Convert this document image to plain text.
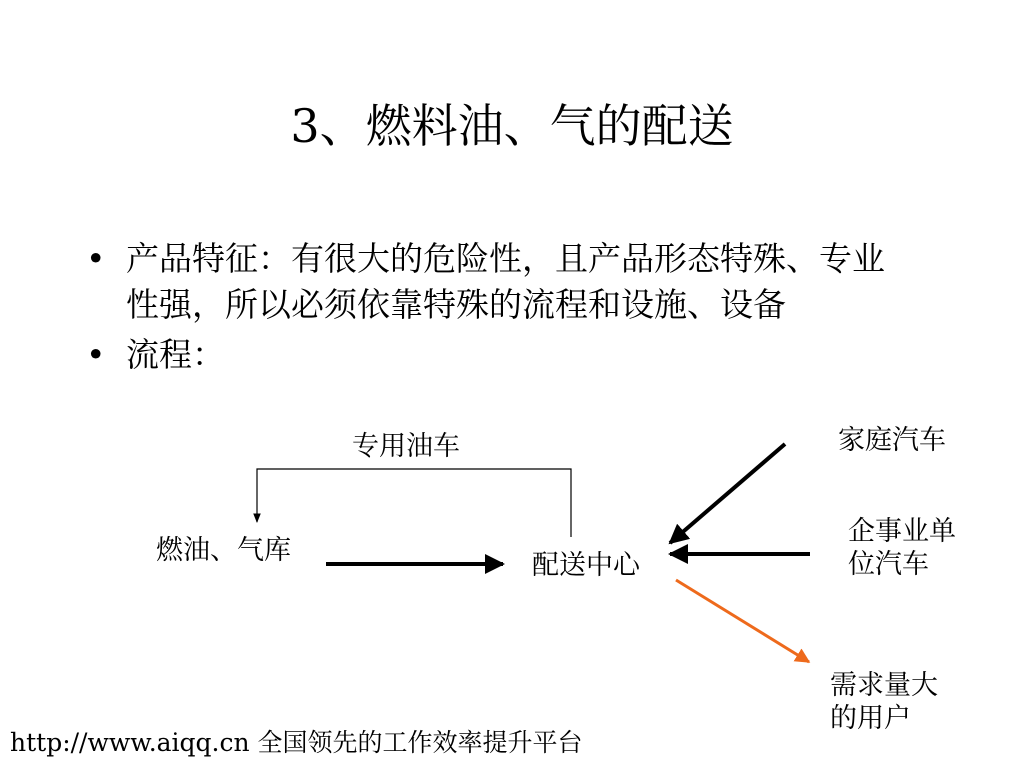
3、燃料油、气的配送
• 产品特征：有很大的危险性，且产品形态特殊、专业性强，所以必须依靠特殊的流程和设施、设备
• 流程：
专用油车
燃油、气库	配送中心
家庭汽车
企事业单位汽车
需求量大的用户
http://www.aiqq.cn 全国领先的工作效率提升平台
